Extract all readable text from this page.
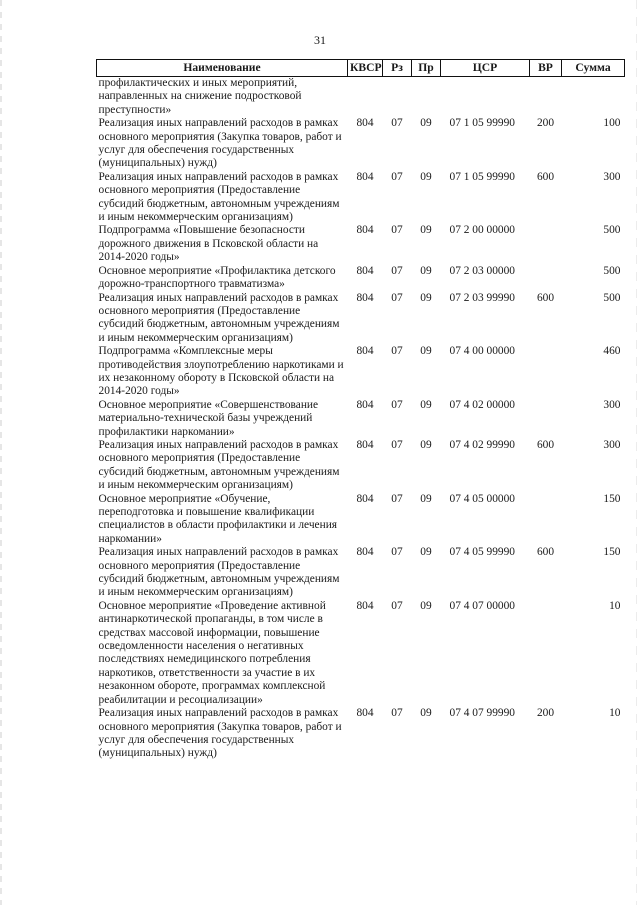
31
Наименование	КВСР	Рз	Пр	ЦСР	ВР	Сумма
профилактических и иных мероприятий, направленных на снижение подростковой преступности»						
Реализация иных направлений расходов в рамках основного мероприятия (Закупка товаров, работ и услуг для обеспечения государственных (муниципальных) нужд)	804	07	09	07 1 05 99990	200	100
Реализация иных направлений расходов в рамках основного мероприятия (Предоставление субсидий бюджетным, автономным учреждениям и иным некоммерческим организациям)	804	07	09	07 1 05 99990	600	300
Подпрограмма «Повышение безопасности дорожного движения в Псковской области на 2014-2020 годы»	804	07	09	07 2 00 00000		500
Основное мероприятие «Профилактика детского дорожно-транспортного травматизма»	804	07	09	07 2 03 00000		500
Реализация иных направлений расходов в рамках основного мероприятия (Предоставление субсидий бюджетным, автономным учреждениям и иным некоммерческим организациям)	804	07	09	07 2 03 99990	600	500
Подпрограмма «Комплексные меры противодействия злоупотреблению наркотиками и их незаконному обороту в Псковской области на 2014-2020 годы»	804	07	09	07 4 00 00000		460
Основное мероприятие «Совершенствование материально-технической базы учреждений профилактики наркомании»	804	07	09	07 4 02 00000		300
Реализация иных направлений расходов в рамках основного мероприятия (Предоставление субсидий бюджетным, автономным учреждениям и иным некоммерческим организациям)	804	07	09	07 4 02 99990	600	300
Основное мероприятие «Обучение, переподготовка и повышение квалификации специалистов в области профилактики и лечения наркомании»	804	07	09	07 4 05 00000		150
Реализация иных направлений расходов в рамках основного мероприятия (Предоставление субсидий бюджетным, автономным учреждениям и иным некоммерческим организациям)	804	07	09	07 4 05 99990	600	150
Основное мероприятие «Проведение активной антинаркотической пропаганды, в том числе в средствах массовой информации, повышение осведомленности населения о негативных последствиях немедицинского потребления наркотиков, ответственности за участие в их незаконном обороте, программах комплексной реабилитации и ресоциализации»	804	07	09	07 4 07 00000		10
Реализация иных направлений расходов в рамках основного мероприятия (Закупка товаров, работ и услуг для обеспечения государственных (муниципальных) нужд)	804	07	09	07 4 07 99990	200	10
